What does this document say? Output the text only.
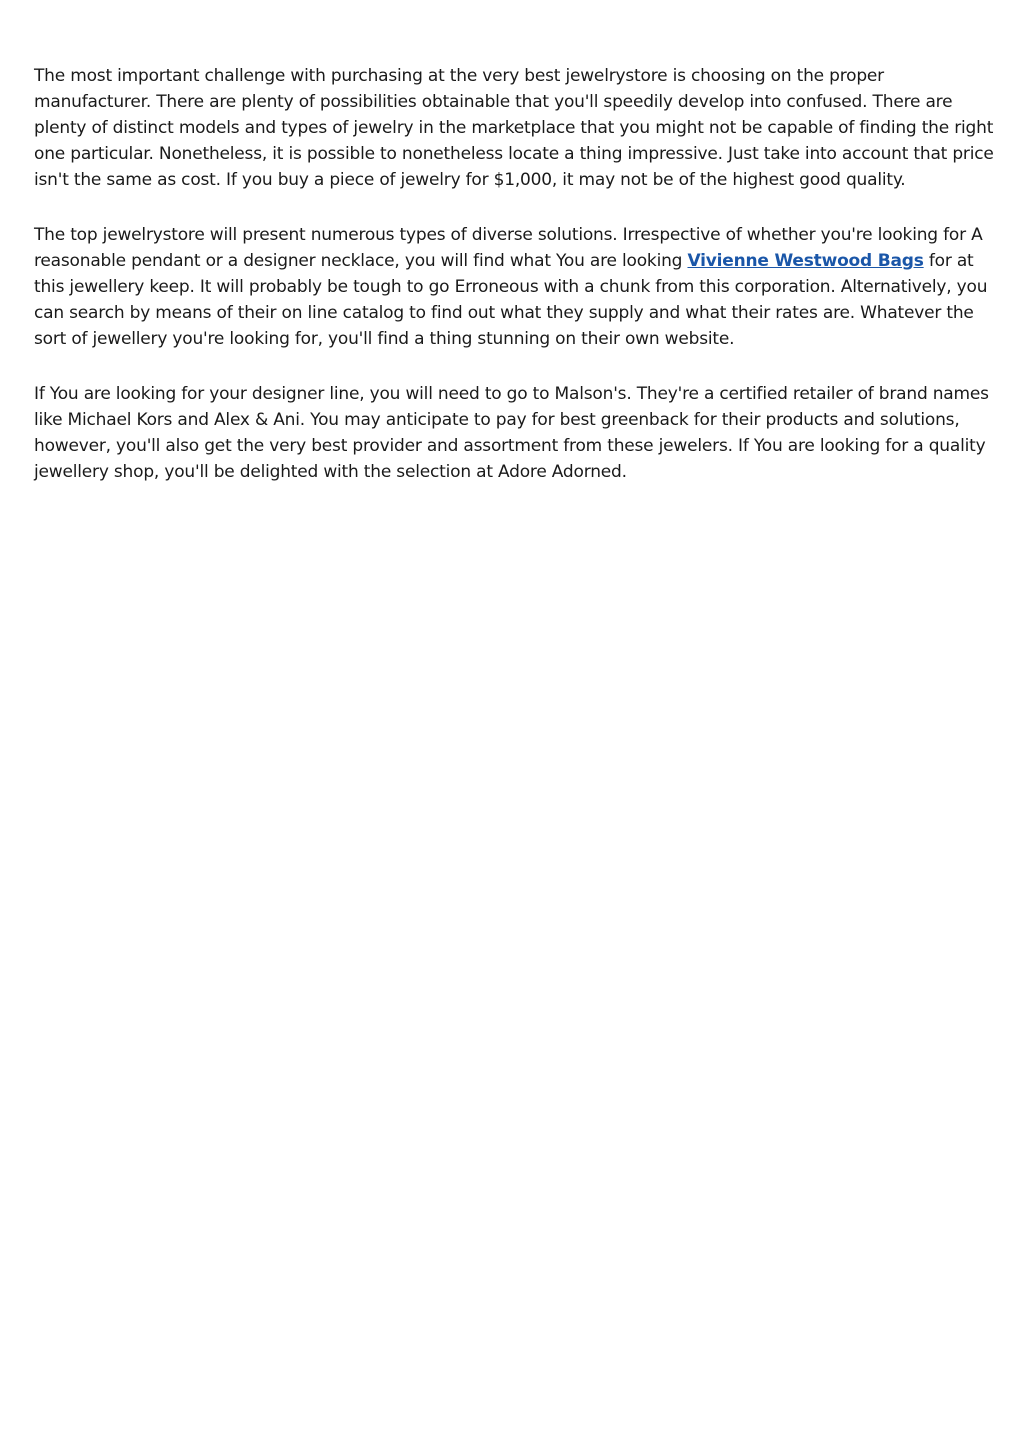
The most important challenge with purchasing at the very best jewelrystore is choosing on the proper manufacturer. There are plenty of possibilities obtainable that you'll speedily develop into confused. There are plenty of distinct models and types of jewelry in the marketplace that you might not be capable of finding the right one particular. Nonetheless, it is possible to nonetheless locate a thing impressive. Just take into account that price isn't the same as cost. If you buy a piece of jewelry for $1,000, it may not be of the highest good quality.

The top jewelrystore will present numerous types of diverse solutions. Irrespective of whether you're looking for A reasonable pendant or a designer necklace, you will find what You are looking Vivienne Westwood Bags for at this jewellery keep. It will probably be tough to go Erroneous with a chunk from this corporation. Alternatively, you can search by means of their on line catalog to find out what they supply and what their rates are. Whatever the sort of jewellery you're looking for, you'll find a thing stunning on their own website.

If You are looking for your designer line, you will need to go to Malson's. They're a certified retailer of brand names like Michael Kors and Alex & Ani. You may anticipate to pay for best greenback for their products and solutions, however, you'll also get the very best provider and assortment from these jewelers. If You are looking for a quality jewellery shop, you'll be delighted with the selection at Adore Adorned.
